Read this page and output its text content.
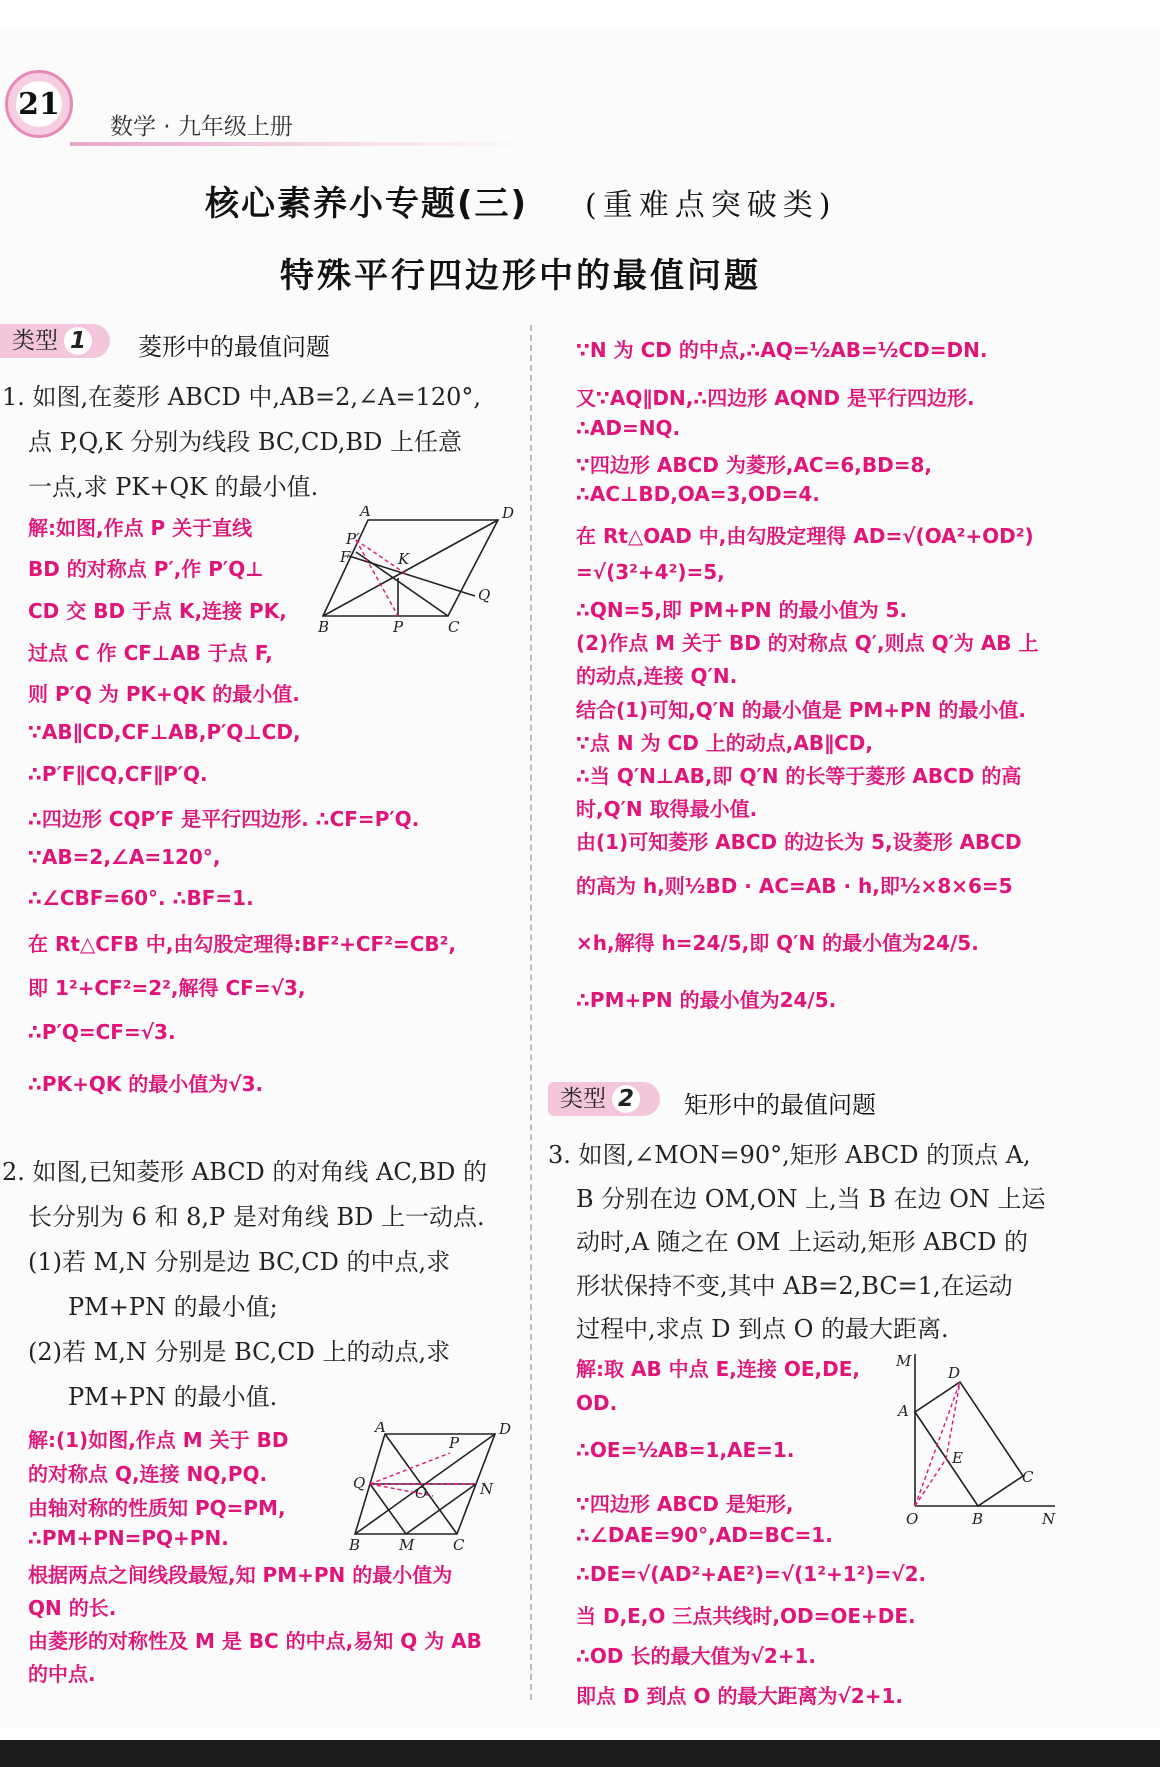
21
数学 · 九年级上册
核心素养小专题(三) (重难点突破类)
特殊平行四边形中的最值问题
类型 1	菱形中的最值问题
1. 如图,在菱形 ABCD 中,AB=2,∠A=120°,
点 P,Q,K 分别为线段 BC,CD,BD 上任意
一点,求 PK+QK 的最小值.
解:如图,作点 P 关于直线
BD 的对称点 P′,作 P′Q⊥
CD 交 BD 于点 K,连接 PK,
过点 C 作 CF⊥AB 于点 F,
则 P′Q 为 PK+QK 的最小值.
∵AB∥CD,CF⊥AB,P′Q⊥CD,
∴P′F∥CQ,CF∥P′Q.
∴四边形 CQP′F 是平行四边形. ∴CF=P′Q.
∵AB=2,∠A=120°,
∴∠CBF=60°. ∴BF=1.
在 Rt△CFB 中,由勾股定理得:BF²+CF²=CB²,
即 1²+CF²=2²,解得 CF=√3,
∴P′Q=CF=√3.
∴PK+QK 的最小值为√3.
A	D
P′
F	K
Q
B	P	C
2. 如图,已知菱形 ABCD 的对角线 AC,BD 的
长分别为 6 和 8,P 是对角线 BD 上一动点.
(1)若 M,N 分别是边 BC,CD 的中点,求
PM+PN 的最小值;
(2)若 M,N 分别是 BC,CD 上的动点,求
PM+PN 的最小值.
解:(1)如图,作点 M 关于 BD
的对称点 Q,连接 NQ,PQ.
由轴对称的性质知 PQ=PM,
∴PM+PN=PQ+PN.
根据两点之间线段最短,知 PM+PN 的最小值为
QN 的长.
由菱形的对称性及 M 是 BC 的中点,易知 Q 为 AB
的中点.
A	D
P
Q
O	N
B	M	C
∵N 为 CD 的中点,∴AQ=½AB=½CD=DN.
又∵AQ∥DN,∴四边形 AQND 是平行四边形.
∴AD=NQ.
∵四边形 ABCD 为菱形,AC=6,BD=8,
∴AC⊥BD,OA=3,OD=4.
在 Rt△OAD 中,由勾股定理得 AD=√(OA²+OD²)
=√(3²+4²)=5,
∴QN=5,即 PM+PN 的最小值为 5.
(2)作点 M 关于 BD 的对称点 Q′,则点 Q′为 AB 上
的动点,连接 Q′N.
结合(1)可知,Q′N 的最小值是 PM+PN 的最小值.
∵点 N 为 CD 上的动点,AB∥CD,
∴当 Q′N⊥AB,即 Q′N 的长等于菱形 ABCD 的高
时,Q′N 取得最小值.
由(1)可知菱形 ABCD 的边长为 5,设菱形 ABCD
的高为 h,则½BD · AC=AB · h,即½×8×6=5
×h,解得 h=24/5,即 Q′N 的最小值为24/5.
∴PM+PN 的最小值为24/5.
类型 2	矩形中的最值问题
3. 如图,∠MON=90°,矩形 ABCD 的顶点 A,
B 分别在边 OM,ON 上,当 B 在边 ON 上运
动时,A 随之在 OM 上运动,矩形 ABCD 的
形状保持不变,其中 AB=2,BC=1,在运动
过程中,求点 D 到点 O 的最大距离.
解:取 AB 中点 E,连接 OE,DE,
OD.
∴OE=½AB=1,AE=1.
∵四边形 ABCD 是矩形,
∴∠DAE=90°,AD=BC=1.
∴DE=√(AD²+AE²)=√(1²+1²)=√2.
当 D,E,O 三点共线时,OD=OE+DE.
∴OD 长的最大值为√2+1.
即点 D 到点 O 的最大距离为√2+1.
M
D
A
E
C
O	B	N
